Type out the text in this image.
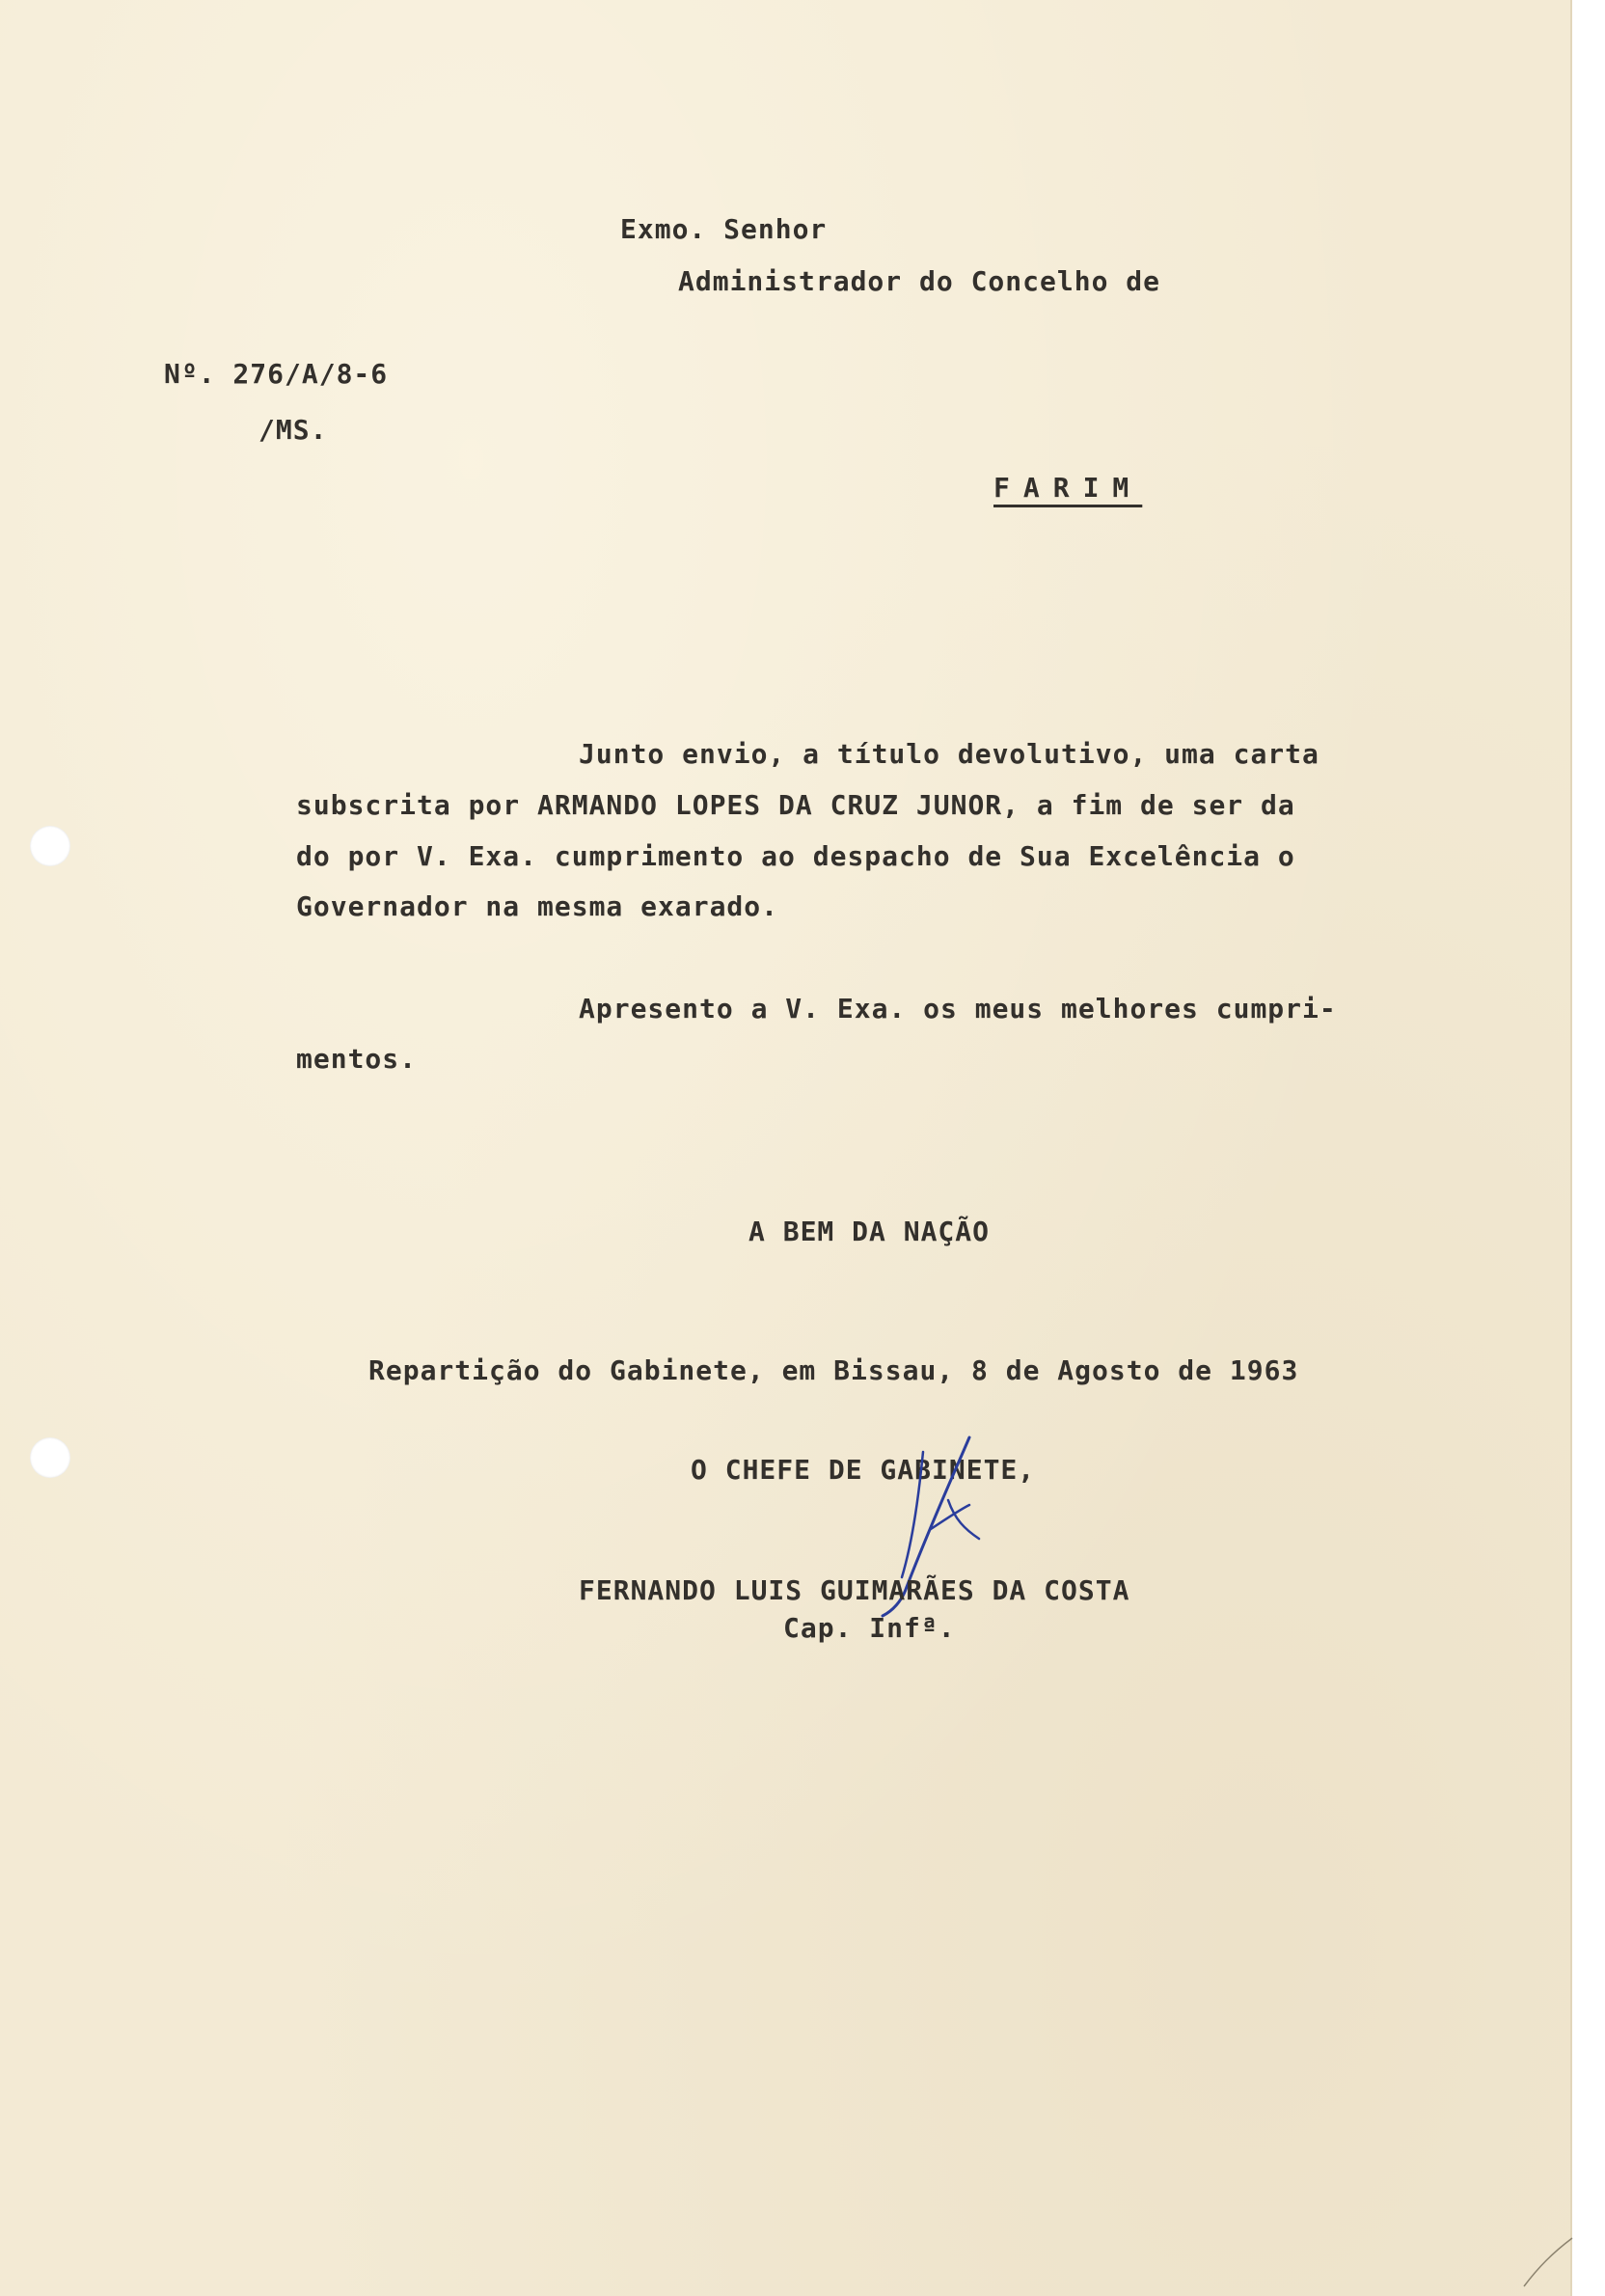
Exmo. Senhor
Administrador do Concelho de
Nº. 276/A/8-6
/MS.
FARIM
Junto envio, a título devolutivo, uma carta
subscrita por ARMANDO LOPES DA CRUZ JUNOR, a fim de ser da
do por V. Exa. cumprimento ao despacho de Sua Excelência o
Governador na mesma exarado.
Apresento a V. Exa. os meus melhores cumpri-
mentos.
A BEM DA NAÇÃO
Repartição do Gabinete, em Bissau, 8 de Agosto de 1963
O CHEFE DE GABINETE,
FERNANDO LUIS GUIMARÃES DA COSTA
Cap. Infª.
